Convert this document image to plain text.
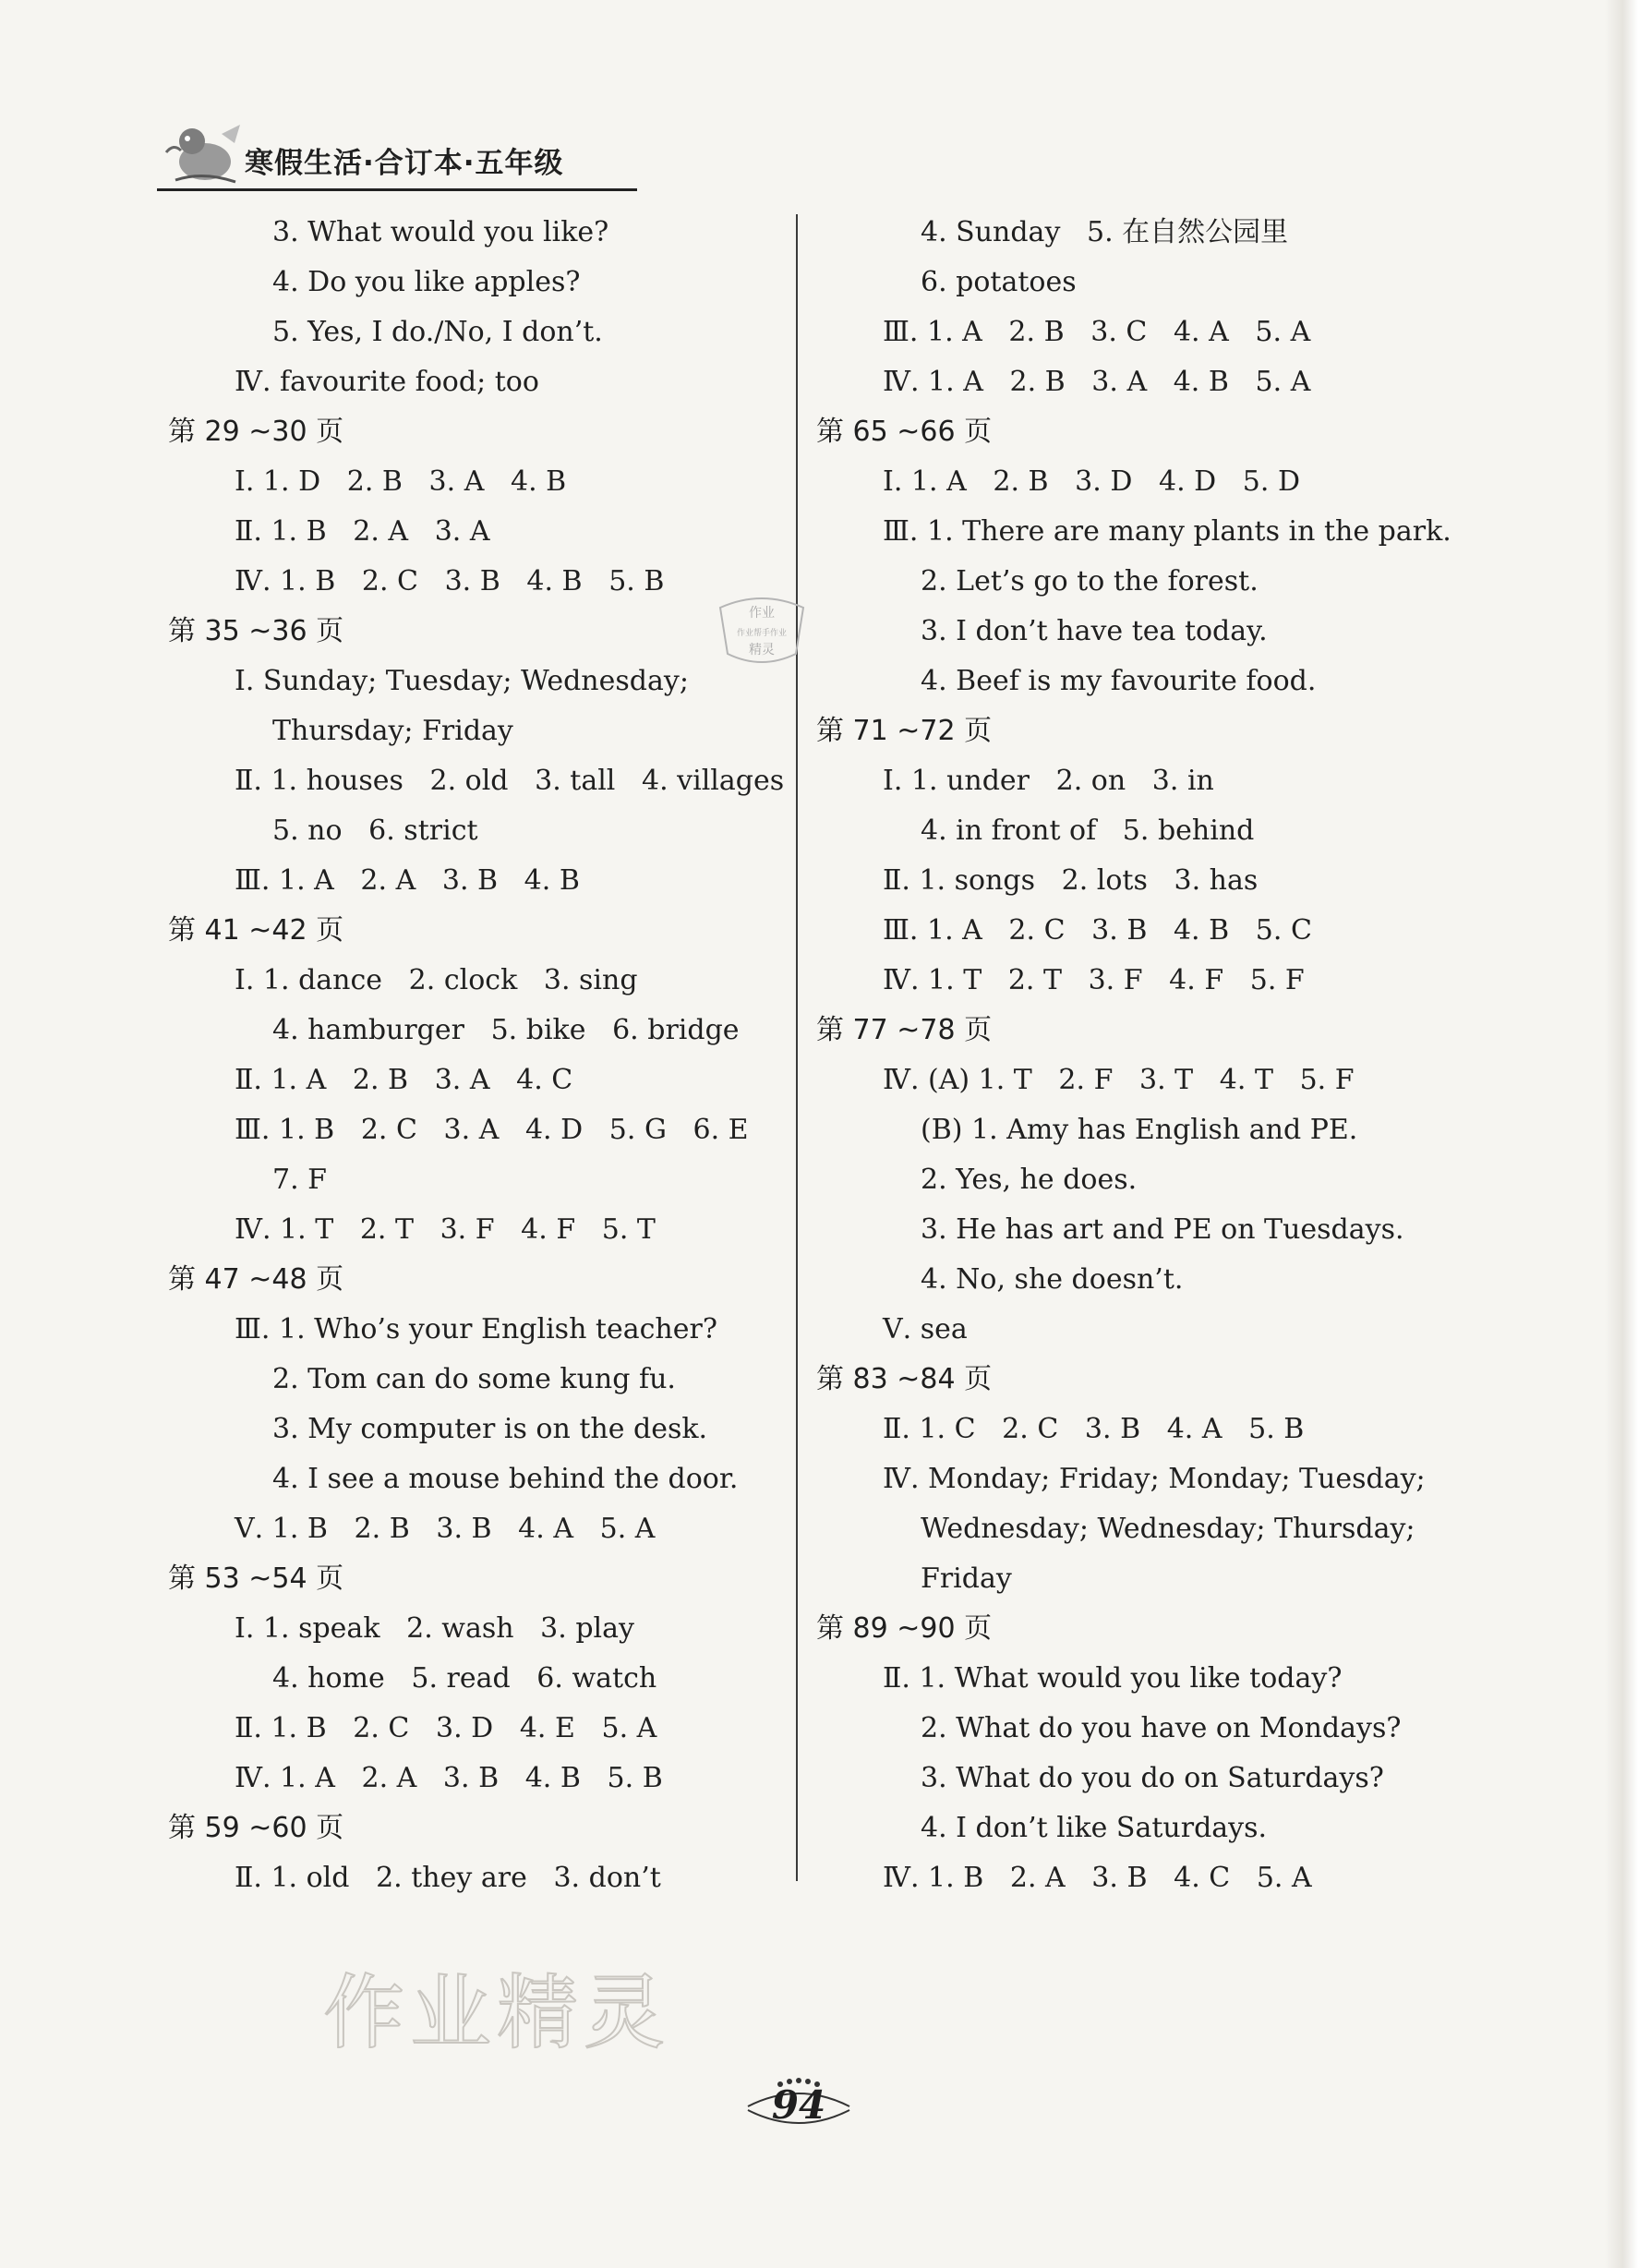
寒假生活·合订本·五年级
3. What would you like?
4. Do you like apples?
5. Yes, I do./No, I don’t.
Ⅳ. favourite food; too
第 29 ~30 页
Ⅰ. 1. D   2. B   3. A   4. B
Ⅱ. 1. B   2. A   3. A
Ⅳ. 1. B   2. C   3. B   4. B   5. B
第 35 ~36 页
Ⅰ. Sunday; Tuesday; Wednesday;
Thursday; Friday
Ⅱ. 1. houses   2. old   3. tall   4. villages
5. no   6. strict
Ⅲ. 1. A   2. A   3. B   4. B
第 41 ~42 页
Ⅰ. 1. dance   2. clock   3. sing
4. hamburger   5. bike   6. bridge
Ⅱ. 1. A   2. B   3. A   4. C
Ⅲ. 1. B   2. C   3. A   4. D   5. G   6. E
7. F
Ⅳ. 1. T   2. T   3. F   4. F   5. T
第 47 ~48 页
Ⅲ. 1. Who’s your English teacher?
2. Tom can do some kung fu.
3. My computer is on the desk.
4. I see a mouse behind the door.
Ⅴ. 1. B   2. B   3. B   4. A   5. A
第 53 ~54 页
Ⅰ. 1. speak   2. wash   3. play
4. home   5. read   6. watch
Ⅱ. 1. B   2. C   3. D   4. E   5. A
Ⅳ. 1. A   2. A   3. B   4. B   5. B
第 59 ~60 页
Ⅱ. 1. old   2. they are   3. don’t
4. Sunday   5. 在自然公园里
6. potatoes
Ⅲ. 1. A   2. B   3. C   4. A   5. A
Ⅳ. 1. A   2. B   3. A   4. B   5. A
第 65 ~66 页
Ⅰ. 1. A   2. B   3. D   4. D   5. D
Ⅲ. 1. There are many plants in the park.
2. Let’s go to the forest.
3. I don’t have tea today.
4. Beef is my favourite food.
第 71 ~72 页
Ⅰ. 1. under   2. on   3. in
4. in front of   5. behind
Ⅱ. 1. songs   2. lots   3. has
Ⅲ. 1. A   2. C   3. B   4. B   5. C
Ⅳ. 1. T   2. T   3. F   4. F   5. F
第 77 ~78 页
Ⅳ. (A) 1. T   2. F   3. T   4. T   5. F
(B) 1. Amy has English and PE.
2. Yes, he does.
3. He has art and PE on Tuesdays.
4. No, she doesn’t.
Ⅴ. sea
第 83 ~84 页
Ⅱ. 1. C   2. C   3. B   4. A   5. B
Ⅳ. Monday; Friday; Monday; Tuesday;
Wednesday; Wednesday; Thursday;
Friday
第 89 ~90 页
Ⅱ. 1. What would you like today?
2. What do you have on Mondays?
3. What do you do on Saturdays?
4. I don’t like Saturdays.
Ⅳ. 1. B   2. A   3. B   4. C   5. A
作业
作业帮手作业
精灵
作业精灵
94
